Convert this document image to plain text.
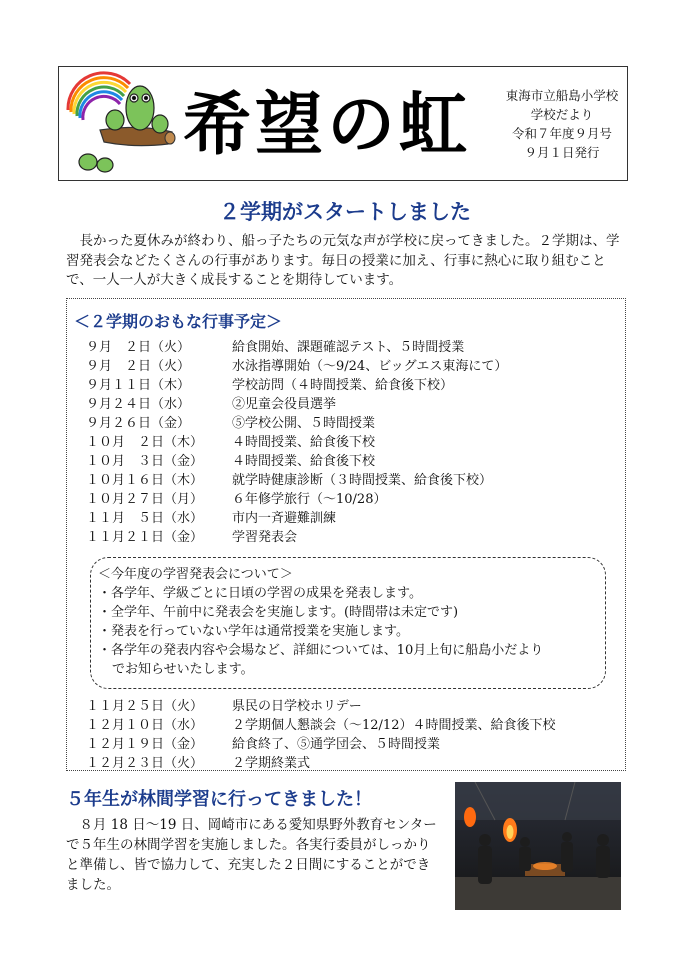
希望の虹	東海市立船島小学校
学校だより
令和７年度９月号
９月１日発行
２学期がスタートしました
長かった夏休みが終わり、船っ子たちの元気な声が学校に戻ってきました。２学期は、学習発表会などたくさんの行事があります。毎日の授業に加え、行事に熱心に取り組むことで、一人一人が大きく成長することを期待しています。
＜２学期のおもな行事予定＞
９月　２日（火）	給食開始、課題確認テスト、５時間授業
９月　２日（火）	水泳指導開始（～9/24、ビッグエス東海にて）
９月１１日（木）	学校訪問（４時間授業、給食後下校）
９月２４日（水）	②児童会役員選挙
９月２６日（金）	⑤学校公開、５時間授業
１０月　２日（木） ４時間授業、給食後下校
１０月　３日（金） ４時間授業、給食後下校
１０月１６日（木） 就学時健康診断（３時間授業、給食後下校）
１０月２７日（月） ６年修学旅行（～10/28）
１１月　５日（水） 市内一斉避難訓練
１１月２１日（金） 学習発表会
＜今年度の学習発表会について＞
・各学年、学級ごとに日頃の学習の成果を発表します。
・全学年、午前中に発表会を実施します。(時間帯は未定です)
・発表を行っていない学年は通常授業を実施します。
・各学年の発表内容や会場など、詳細については、10月上旬に船島小だより
でお知らせいたします。
１１月２５日（火） 県民の日学校ホリデー
１２月１０日（水） ２学期個人懇談会（～12/12）４時間授業、給食後下校
１２月１９日（金） 給食終了、⑤通学団会、５時間授業
１２月２３日（火） ２学期終業式
５年生が林間学習に行ってきました！
８月 18 日～19 日、岡崎市にある愛知県野外教育センターで５年生の林間学習を実施しました。各実行委員がしっかりと準備し、皆で協力して、充実した２日間にすることができました。
